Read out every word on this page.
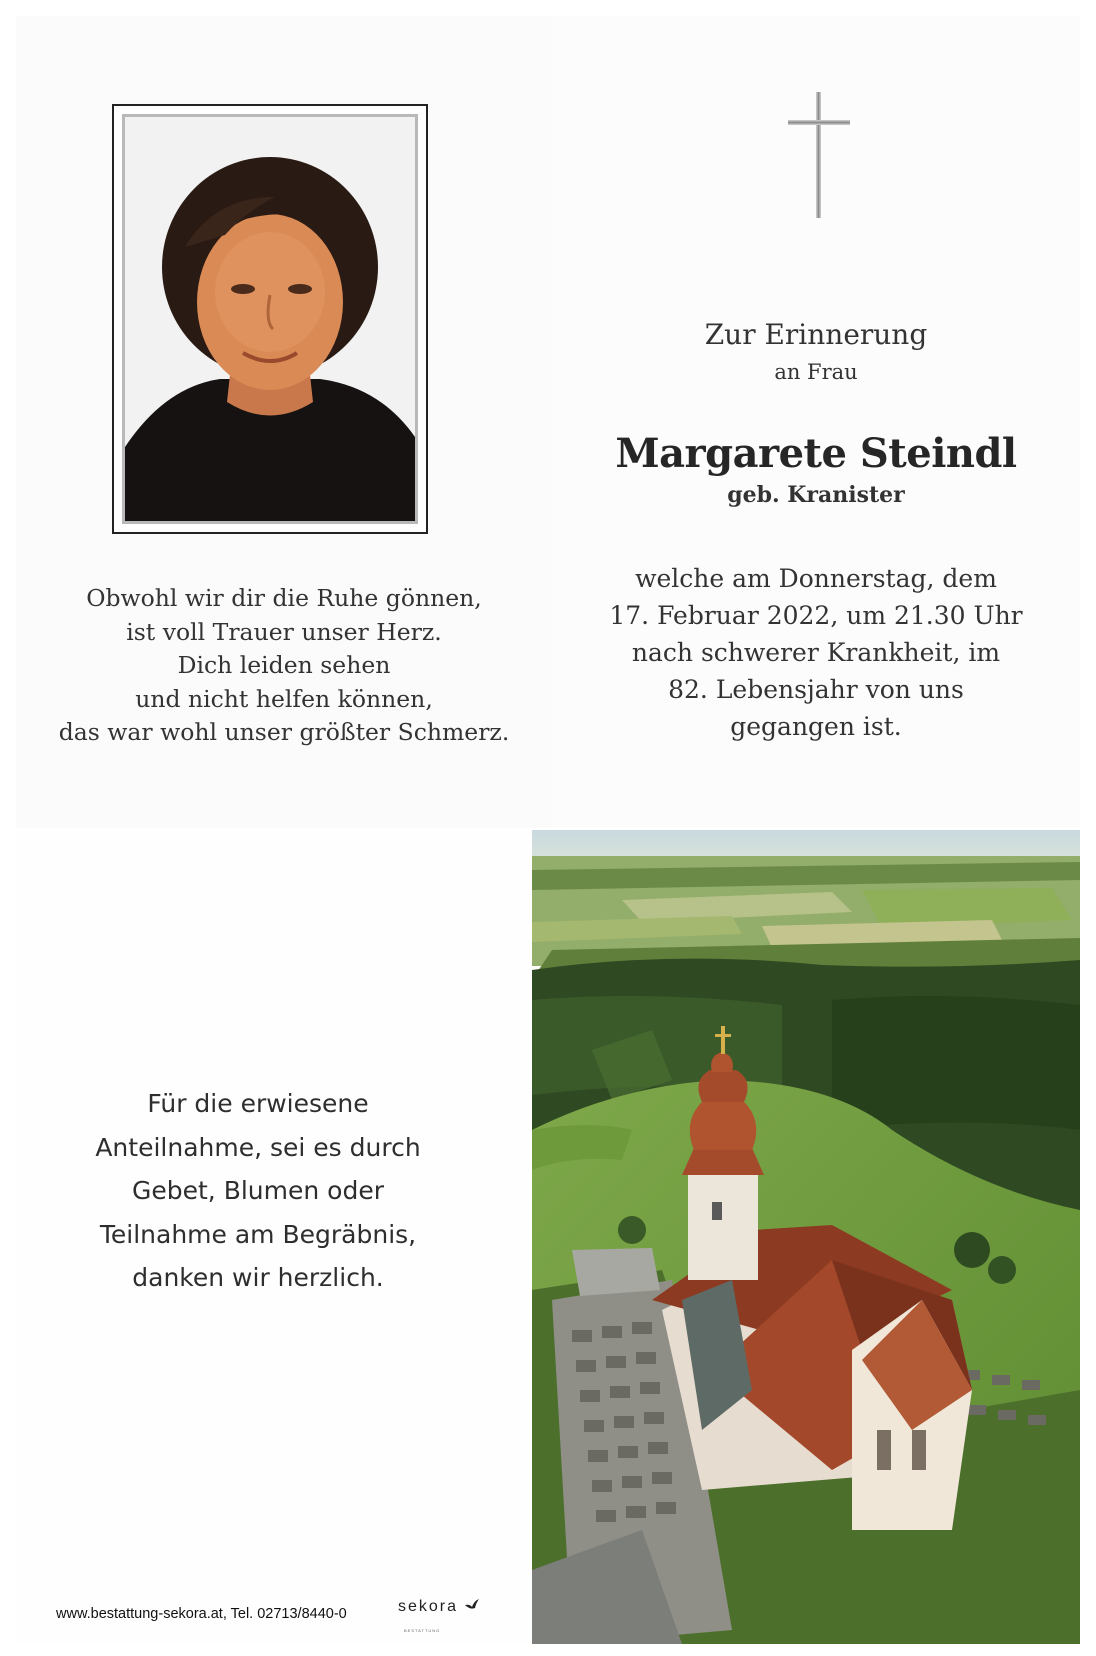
Obwohl wir dir die Ruhe gönnen,
ist voll Trauer unser Herz.
Dich leiden sehen
und nicht helfen können,
das war wohl unser größter Schmerz.
Zur Erinnerung
an Frau
Margarete Steindl
geb. Kranister
welche am Donnerstag, dem
17. Februar 2022, um 21.30 Uhr
nach schwerer Krankheit, im
82. Lebensjahr von uns
gegangen ist.
Für die erwiesene
Anteilnahme, sei es durch
Gebet, Blumen oder
Teilnahme am Begräbnis,
danken wir herzlich.
www.bestattung-sekora.at, Tel. 02713/8440-0	sekora
BESTATTUNG
